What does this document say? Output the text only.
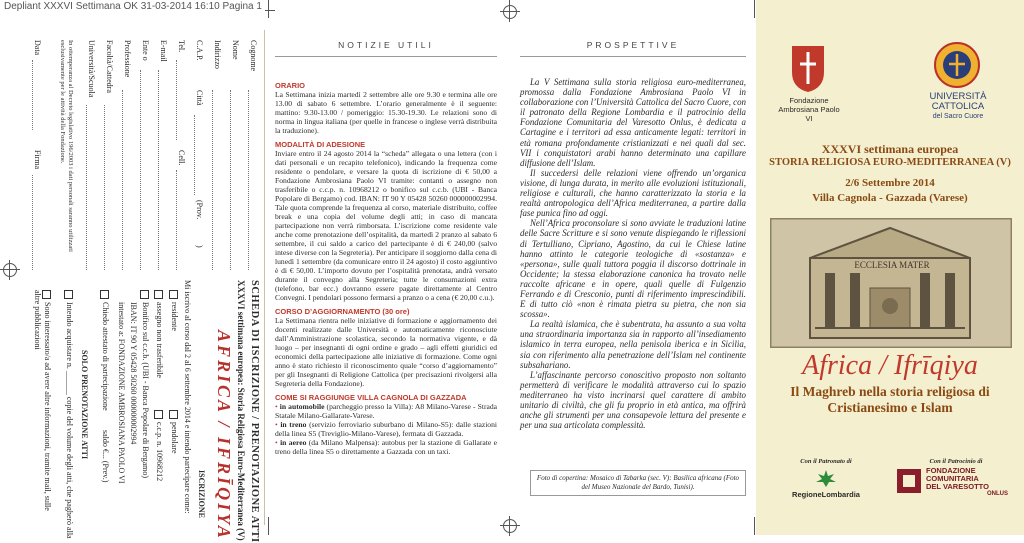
Depliant XXXVI Settimana OK 31-03-2014 16:10 Pagina 1
Cognome
Nome
Indirizzo
C.A.P.
Città
(Prov.
)
Tel.
Cell.
E-mail
Ente o
Professione
Facoltà/Cattedra
Università/Scuola
In ottemperanza al Decreto legislativo 196/2003 i dati personali saranno utilizzati esclusivamente per le attività della Fondazione.
Data
Firma
SCHEDA DI ISCRIZIONE / PRENOTAZIONE ATTI
XXXVI settimana europea: Storia Religiosa Euro-Mediterranea (V)
AFRICA / IFRĪQIYA
ISCRIZIONE
Mi iscrivo al corso dal 2 al 6 settembre 2014 e intendo partecipare come:
residente
pendolare
assegno non trasferibile
c.c.p. n. 10968212
Bonifico sul c.c.b. (UBI - Banca Popolare di Bergamo)
IBAN: IT 90 Y 05428 50260 000000002994
intestato a: FONDAZIONE AMBROSIANA PAOLO VI
Chiedo attestato di partecipazione
saldo €... (Prev.)
SOLO PRENOTAZIONE ATTI
Intendo acquistare n. ______ copie del volume degli atti, che pagherò alla
Sono interessato/a ad avere altre informazioni, tramite mail, sulle altre pubblicazioni
NOTIZIE UTILI
ORARIO

La Settimana inizia martedì 2 settembre alle ore 9.30 e termina alle ore 13.00 di sabato 6 settembre. L’orario generalmente è il seguente: mattino: 9.30-13.00 / pomeriggio: 15.30-19.30. Le relazioni sono di norma in lingua italiana (per quelle in francese o inglese verrà distribuita la traduzione).

MODALITÀ DI ADESIONE

Inviare entro il 24 agosto 2014 la “scheda” allegata o una lettera (con i dati personali e un recapito telefonico), indicando la frequenza come residente o pendolare, e versare la quota di iscrizione di € 50,00 a Fondazione Ambrosiana Paolo VI tramite: contanti o assegno non trasferibile o c.c.p. n. 10968212 o bonifico sul c.c.b. (UBI - Banca Popolare di Bergamo) cod. IBAN: IT 90 Y 05428 50260 000000002994. Tale quota comprende la frequenza al corso, materiale distribuito, coffee break e una copia del volume degli atti; in caso di mancata partecipazione non verrà rimborsata. L’iscrizione come residente vale anche come prenotazione dell’ospitalità, da martedì 2 pranzo al sabato 6 settembre, il cui saldo a carico del partecipante è di € 240,00 (salvo intese diverse con la Segreteria). Per anticipare il soggiorno dalla cena di lunedì 1 settembre (da comunicare entro il 24 agosto) il costo aggiuntivo è di € 50,00. L’importo dovuto per l’ospitalità prenotata, andrà versato durante il convegno alla Segreteria; tutte le consumazioni extra (telefono, bar ecc.) dovranno essere pagate direttamente al Centro Convegni. I pendolari possono fermarsi a pranzo o a cena (€ 20,00 c.u.).

CORSO D’AGGIORNAMENTO (30 ore)

La Settimana rientra nelle iniziative di formazione e aggiornamento dei docenti realizzate dalle Università e automaticamente riconosciute dall’Amministrazione scolastica, secondo la normativa vigente, e dà luogo – per insegnanti di ogni ordine e grado – agli effetti giuridici ed economici della partecipazione alle iniziative di formazione. Come ogni anno è stato richiesto il riconoscimento quale “corso d’aggiornamento” per gli Insegnanti di Religione Cattolica (per precisazioni rivolgersi alla Segreteria della Fondazione).

COME SI RAGGIUNGE VILLA CAGNOLA DI GAZZADA

• in automobile (parcheggio presso la Villa): A8 Milano-Varese - Strada Statale Milano-Gallarate-Varese.

• in treno (servizio ferroviario suburbano di Milano-S5): dalle stazioni della linea S5 (Treviglio-Milano-Varese), fermata di Gazzada.

• in aereo (da Milano Malpensa): autobus per la stazione di Gallarate e treno della linea S5 o direttamente a Gazzada con un taxi.

PROSPETTIVE

La V Settimana sulla storia religiosa euro-mediterranea, promossa dalla Fondazione Ambrosiana Paolo VI in collaborazione con l’Università Cattolica del Sacro Cuore, con il patronato della Regione Lombardia e il patrocinio della Fondazione Comunitaria del Varesotto Onlus, è dedicata a Cartagine e i territori ad essa anticamente legati: territori in età romana profondamente cristianizzati e nei quali dal sec. VII i conquistatori arabi hanno determinato una capillare diffusione dell’Islam.

Il succedersi delle relazioni viene offrendo un’organica visione, di lunga durata, in merito alle evoluzioni istituzionali, religiose e culturali, che hanno caratterizzato la storia e la realtà antropologica dell’Africa mediterranea, a partire dalla fase punica fino ad oggi.

Nell’Africa proconsolare si sono avviate le traduzioni latine delle Sacre Scritture e si sono venute dispiegando le riflessioni di Tertulliano, Cipriano, Agostino, da cui le Chiese latine hanno attinto le categorie teologiche di «sostanza» e «persona», sulle quali tuttora poggia il discorso dottrinale in Occidente; la stessa elaborazione canonica ha trovato nelle raccolte africane e in opere, quali quelle di Fulgenzio Ferrando e di Cresconio, punti di riferimento imprescindibili. E di tutto ciò «non è rimata pietra su pietra, che non sia scossa».

La realtà islamica, che è subentrata, ha assunto a sua volta una straordinaria importanza sia in rapporto all’insediamento islamico in terra europea, nella penisola iberica e in Sicilia, sia con riferimento alla penetrazione dell’Islam nel continente subsahariano.

L’affascinante percorso conoscitivo proposto non soltanto permetterà di verificare le modalità attraverso cui lo spazio mediterraneo ha visto incrinarsi quel carattere di ambito unitario di civiltà, che gli fu proprio in età antica, ma offrirà anche gli strumenti per una consapevole lettura del presente e per una sua articolata complessità.

Foto di copertina: Mosaico di Tabarka (sec. V): Basilica africana (Foto del Museo Nazionale del Bardo, Tunisi).
Fondazione Ambrosiana Paolo VI
UNIVERSITÀ
CATTOLICA
del Sacro Cuore
XXXVI settimana europea
STORIA RELIGIOSA EURO-MEDITERRANEA (V)
2/6 Settembre 2014
Villa Cagnola - Gazzada (Varese)
ECCLESIA MATER
Africa / Ifrīqiya
Il Maghreb nella storia religiosa di Cristianesimo e Islam
Con il Patronato di
RegioneLombardia
Con il Patrocinio di
FONDAZIONE
COMUNITARIA
DEL VARESOTTO
ONLUS
